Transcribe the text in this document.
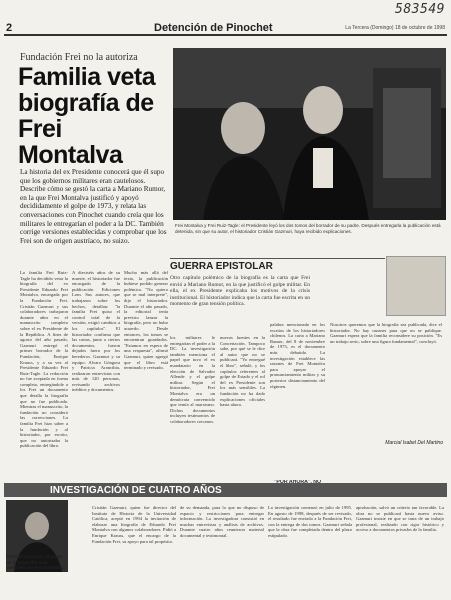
583549
2	Detención de Pinochet	La Tercera (Domingo) 18 de octubre de 1998
Fundación Frei no la autoriza
Familia veta biografía de Frei Montalva
La historia del ex Presidente conocerá que él supo que los gobiernos militares eran cautelosos. Describe cómo se gestó la carta a Mariano Rumor, en la que Frei Montalva justificó y apoyó decididamente el golpe de 1973, y relata las conversaciones con Pinochet cuando creía que los militares le entregarían el poder a la DC. También corrige versiones establecidas y comprobar que los Frei son de origen austríaco, no suizo.
Frei Montalva y Frei Ruiz-Tagle: el Presidente leyó los dos tomos del borrador de su padre. Después entregarla la publicación está detenida, sin que su autor, el historiador Cristián Gazmuri, haya recibido explicaciones.
La familia Frei Ruiz-Tagle ha decidido vetar la biografía del ex Presidente Eduardo Frei Montalva, encargada por la Fundación Frei. Cristián Gazmuri y sus colaboradores trabajaron durante años en el manuscrito completo sobre el ex Presidente de la República. A fines de agosto del año pasado, Gazmuri entregó el primer borrador de la Fundación, Enrique Krauss, y a su vez al Presidente Eduardo Frei Ruiz-Tagle. La redacción no fue aceptada en forma completa, entregándole a los Frei un documento que detalla la biografía que no fue publicada. Mientras el manuscrito, la fundación no consideró las correcciones. La familia Frei hizo saber a la fundación y al historiador, por escrito, que no autorizaba la publicación del libro.
A dieciséis años de su muerte, el historiador fue encargado de la publicación Ediciones Lom. Sus autores, que trabajaron sobre los hechos, detallan: "la familia Frei quiso el control total de la versión, exigió cambios a los capítulos". El historiador confirma que las cartas, junto a ciertos documentos, fueron dejados fuera por los herederos. Gazmuri y su equipo: Alvaro Góngora y Patricia Arancibia, realizaron entrevistas con más de 120 personas, revisando archivos inéditos y documentos.
Mucho más allá del texto, la publicación hubiese podido generar polémica. "No quiero que se mal interprete", dijo el historiador. Durante el año pasado, la editorial tenía previsto lanzar la biografía, pero no hubo acuerdo. Desde entonces, los tomos se encuentran guardados. "Estamos en espera de una respuesta", afirmó Gazmuri, quien agregó que el libro está terminado y revisado.
GUERRA EPISTOLAR
Otro capítulo polémico de la biografía es la carta que Frei envió a Mariano Rumor, en la que justificó el golpe militar. En ella, el ex Presidente explicaba los motivos de la crisis institucional. El historiador indica que la carta fue escrita en un momento de gran tensión política.
los militares le entregarían el poder a la DC. La investigación también menciona el papel que tuvo el ex mandatario en la elección de Salvador Allende y el golpe militar. Según el historiador, Frei Montalva era un demócrata convencido que temía al marxismo. Dichos documentos incluyen testimonios de colaboradores cercanos.
nuevas fuentes en la Concertación. Tampoco sabe, por qué se le dice al autor que no se publicará. "Yo entregué el libro", señaló, y los capítulos referentes al golpe de Estado y el rol del ex Presidente son los más sensibles. La fundación no ha dado explicaciones oficiales hasta ahora.
palabra mencionada en los escritos de los historiadores chilenos. La carta a Mariano Rumor, del 8 de noviembre de 1973, es el documento más debatido. La investigación establece las razones de Frei Montalva para apoyar el pronunciamiento militar y su posterior distanciamiento del régimen.
Nosotros queremos que la biografía sea publicada, dice el historiador. No hay razones para que no se publique. Gazmuri espera que la familia reconsidere su posición. "Es un trabajo serio, sobre una figura fundamental", concluyó.
Marcial Isabel Del Martino
INVESTIGACIÓN DE CUATRO AÑOS
Cristián Gazmuri, el autor de la biografía más completa de Frei Montalva.
Cristián Gazmuri, quien fue director del Instituto de Historia de la Universidad Católica, aceptó en 1994 la invitación de elaborar una biografía de Eduardo Frei Montalva con algunos colaboradores. Pidió a Enrique Krauss, que el encargo de la Fundación Frei, su apoyo para tal propósito.
de su demanda, para lo que no dispuso de espacio y restricciones para entregar información. La investigadora consistió en muchas entrevistas y análisis de archivos. Durante cuatro años reunieron material documental y testimonial.
La investigación comenzó en julio de 1995. En agosto de 1998, después de ser revisado, el resultado fue enviado a la Fundación Frei, con la entrega de dos tomos. Gazmuri señala que la obra fue completada dentro del plazo estipulado.
aprobación, salvó un criterio tan favorable. La obra no se publicará hasta nuevo aviso. Gazmuri insiste en que se trata de un trabajo profesional, realizado con rigor histórico y acceso a documentos privados de la familia.
